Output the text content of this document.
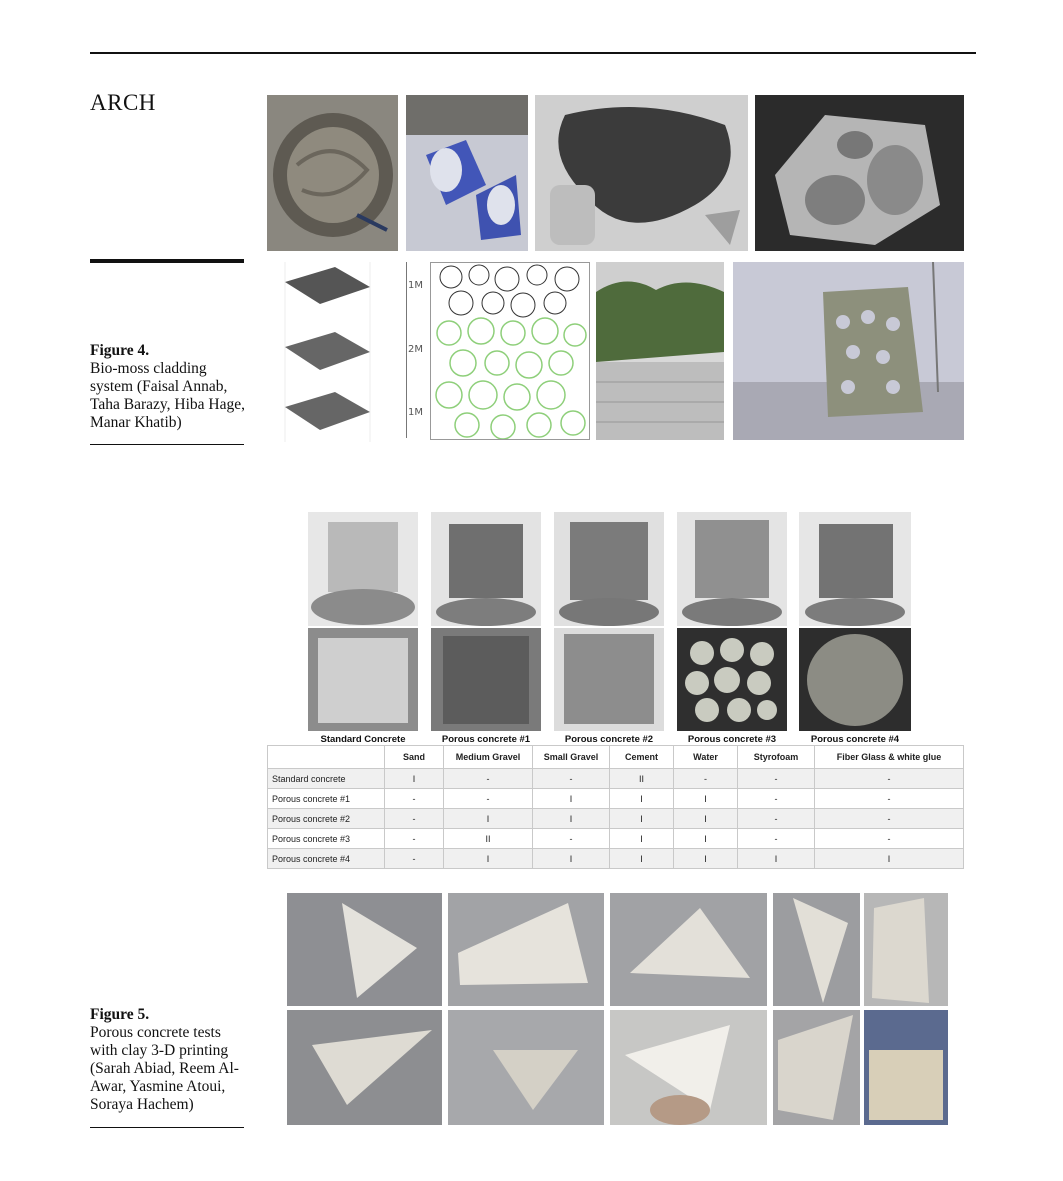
ARCH
Figure 4.
Bio-moss cladding system (Faisal Annab, Taha Barazy, Hiba Hage, Manar Khatib)
1M
2M
1M
Standard Concrete	Porous concrete #1	Porous concrete #2	Porous concrete #3	Porous concrete #4
	Sand	Medium Gravel	Small Gravel	Cement	Water	Styrofoam	Fiber Glass & white glue
Standard concrete	I	-	-	II	-	-	-
Porous concrete #1	-	-	I	I	I	-	-
Porous concrete #2	-	I	I	I	I	-	-
Porous concrete #3	-	II	-	I	I	-	-
Porous concrete #4	-	I	I	I	I	I	I
Figure 5.
Porous concrete tests with clay 3-D printing (Sarah Abiad, Reem Al-Awar, Yasmine Atoui, Soraya Hachem)
